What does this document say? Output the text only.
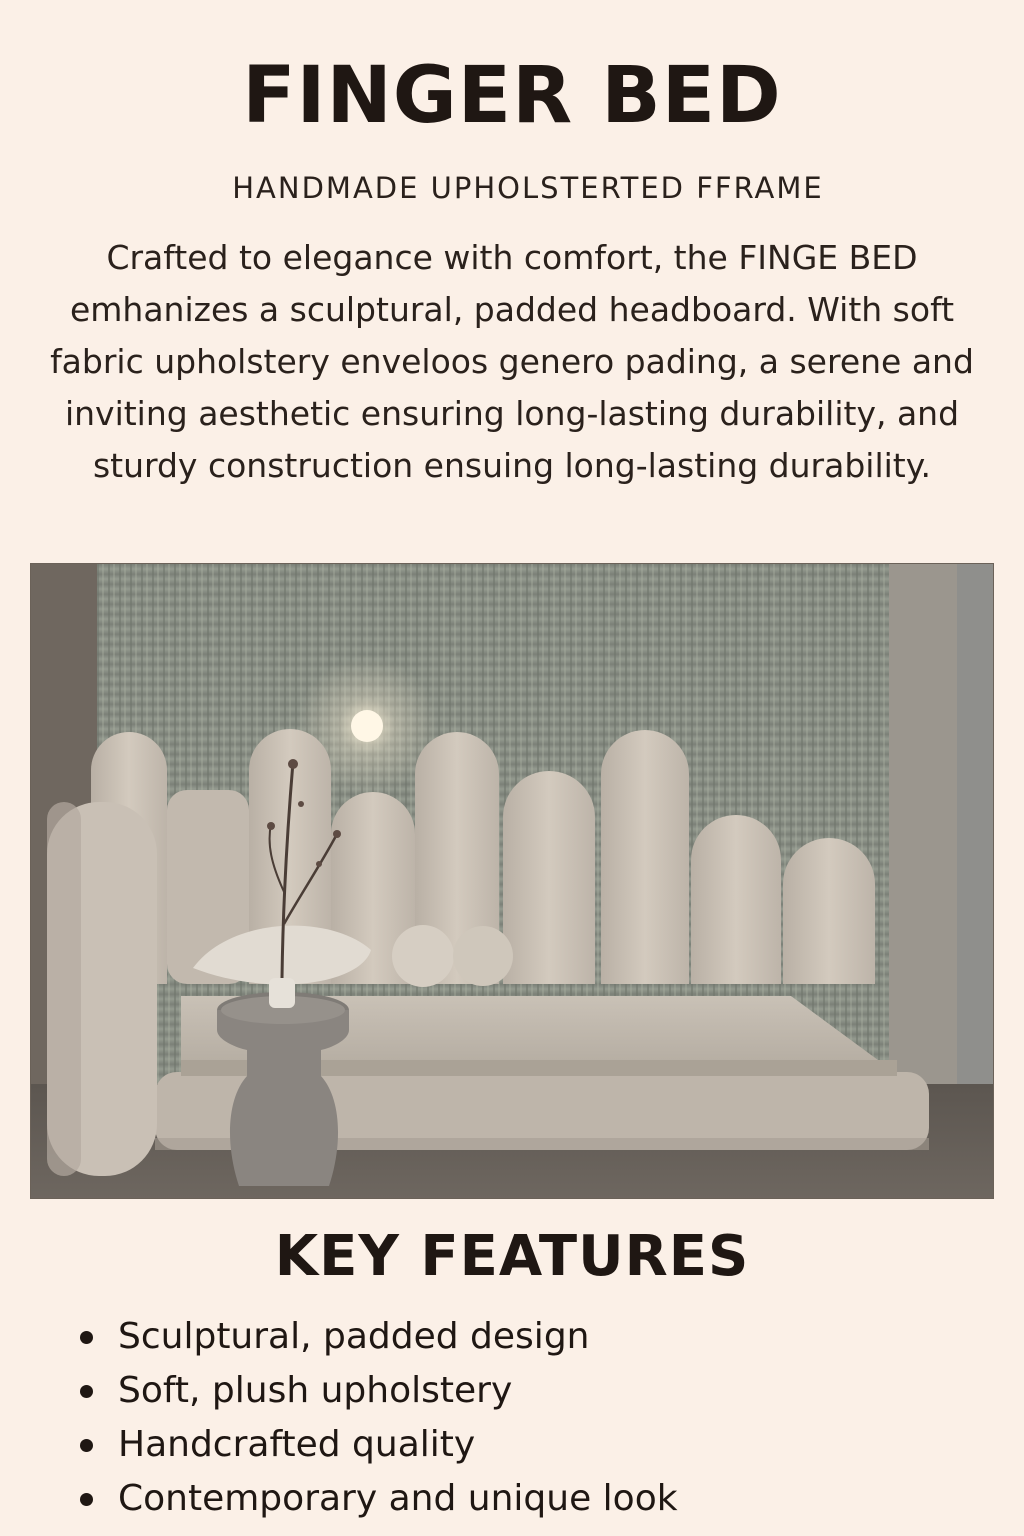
FINGER BED
HANDMADE UPHOLSTERTED FFRAME

Crafted to elegance with comfort, the FINGE BED emhanizes a sculptural, padded headboard. With soft fabric upholstery enveloos genero pading, a serene and inviting aesthetic ensuring long-lasting durability, and sturdy construction ensuing long-lasting durability.

KEY FEATURES
Sculptural, padded design
Soft, plush upholstery
Handcrafted quality
Contemporary and unique look
